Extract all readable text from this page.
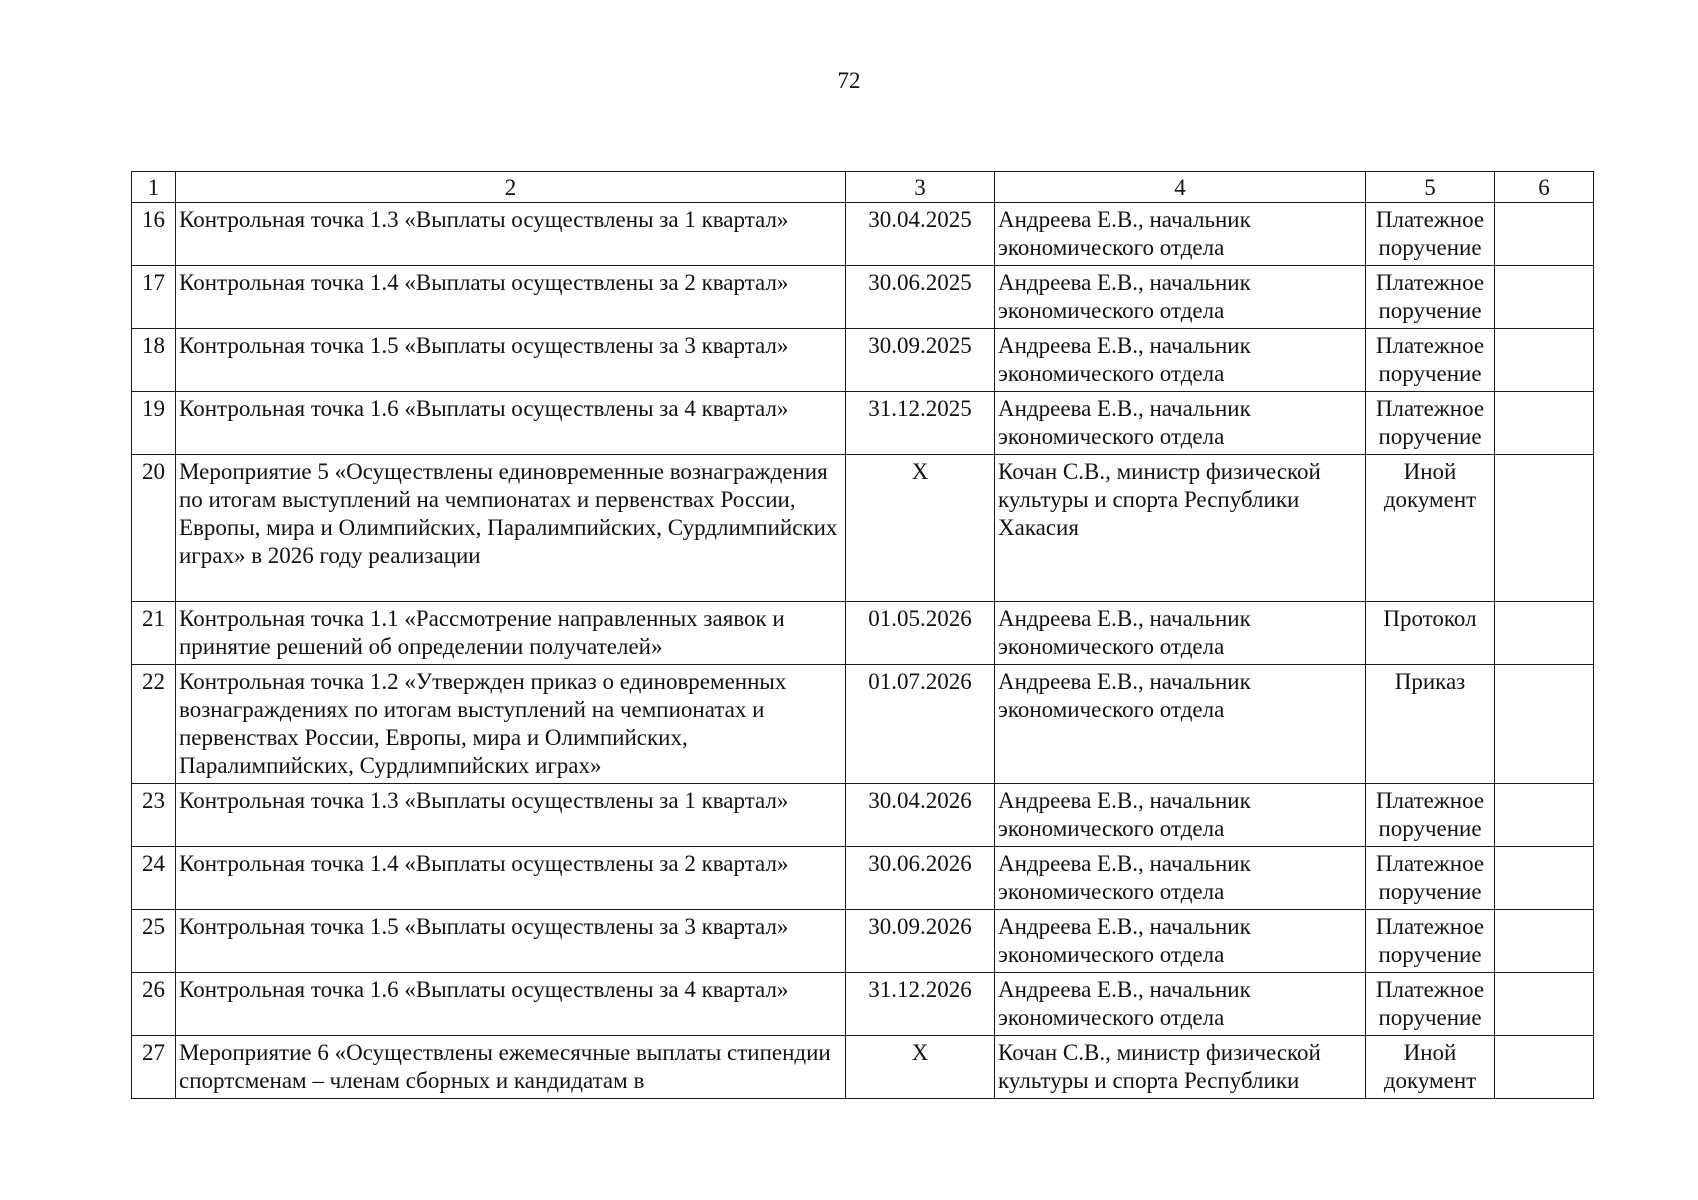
72
1	2	3	4	5	6
16	Контрольная точка 1.3 «Выплаты осуществлены за 1 квартал»	30.04.2025	Андреева Е.В., начальник экономического отдела	Платежное поручение	
17	Контрольная точка 1.4 «Выплаты осуществлены за 2 квартал»	30.06.2025	Андреева Е.В., начальник экономического отдела	Платежное поручение	
18	Контрольная точка 1.5 «Выплаты осуществлены за 3 квартал»	30.09.2025	Андреева Е.В., начальник экономического отдела	Платежное поручение	
19	Контрольная точка 1.6 «Выплаты осуществлены за 4 квартал»	31.12.2025	Андреева Е.В., начальник экономического отдела	Платежное поручение	
20	Мероприятие 5 «Осуществлены единовременные вознаграждения по итогам выступлений на чемпионатах и первенствах России, Европы, мира и Олимпийских, Паралимпийских, Сурдлимпийских играх» в 2026 году реализации	Х	Кочан С.В., министр физической культуры и спорта Республики Хакасия	Иной документ	
21	Контрольная точка 1.1 «Рассмотрение направленных заявок и принятие решений об определении получателей»	01.05.2026	Андреева Е.В., начальник экономического отдела	Протокол	
22	Контрольная точка 1.2 «Утвержден приказ о единовременных вознаграждениях по итогам выступлений на чемпионатах и первенствах России, Европы, мира и Олимпийских, Паралимпийских, Сурдлимпийских играх»	01.07.2026	Андреева Е.В., начальник экономического отдела	Приказ	
23	Контрольная точка 1.3 «Выплаты осуществлены за 1 квартал»	30.04.2026	Андреева Е.В., начальник экономического отдела	Платежное поручение	
24	Контрольная точка 1.4 «Выплаты осуществлены за 2 квартал»	30.06.2026	Андреева Е.В., начальник экономического отдела	Платежное поручение	
25	Контрольная точка 1.5 «Выплаты осуществлены за 3 квартал»	30.09.2026	Андреева Е.В., начальник экономического отдела	Платежное поручение	
26	Контрольная точка 1.6 «Выплаты осуществлены за 4 квартал»	31.12.2026	Андреева Е.В., начальник экономического отдела	Платежное поручение	
27	Мероприятие 6 «Осуществлены ежемесячные выплаты стипендии спортсменам – членам сборных и кандидатам в	Х	Кочан С.В., министр физической культуры и спорта Республики	Иной документ	
